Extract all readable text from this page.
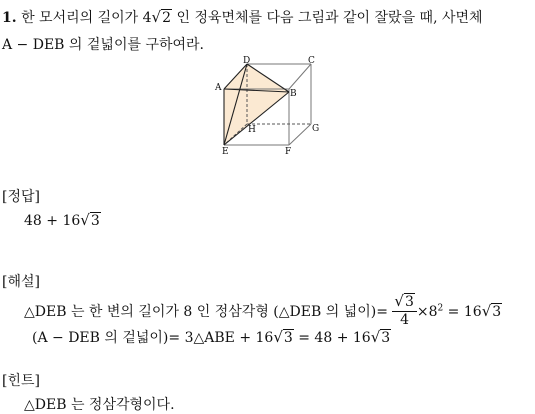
1. 한 모서리의 길이가 4√2 인 정육면체를 다음 그림과 같이 잘랐을 때, 사면체
A − DEB 의 겉넓이를 구하여라.
D	C
A
B
H	G
E	F
[정답]
48 + 16√3
[해설]
△DEB 는 한 변의 길이가 8 인 정삼각형 (△DEB 의 넓이)= $\frac{√3}{4} \times 8^2 = 16√3$
(A − DEB 의 겉넓이)= 3△ABE + 16√3 = 48 + 16√3
[힌트]
△DEB 는 정삼각형이다.
